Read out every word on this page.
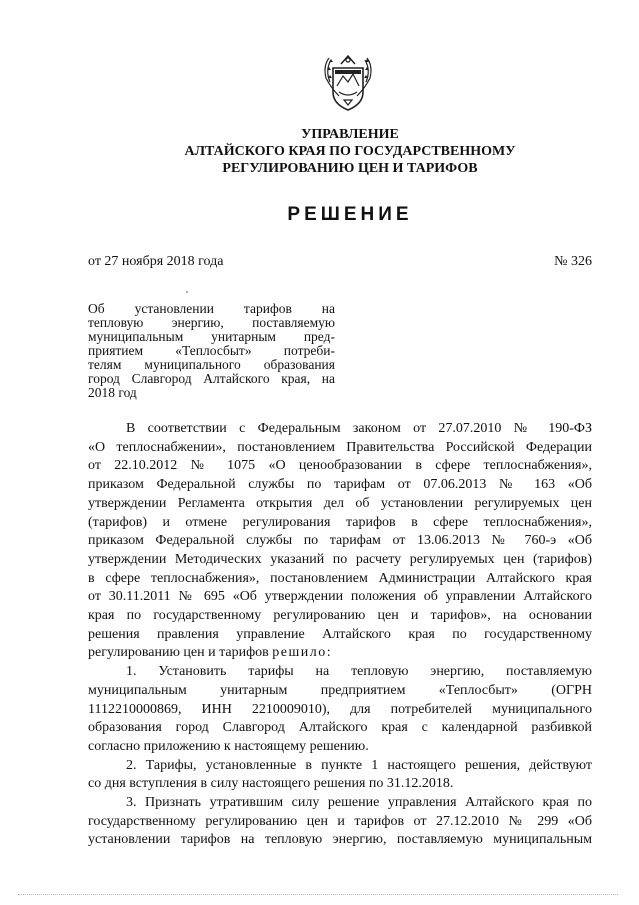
УПРАВЛЕНИЕ
АЛТАЙСКОГО КРАЯ ПО ГОСУДАРСТВЕННОМУ
РЕГУЛИРОВАНИЮ ЦЕН И ТАРИФОВ
РЕШЕНИЕ
от 27 ноября 2018 года	№ 326
Об установлении тарифов на
тепловую энергию, поставляемую
муниципальным унитарным пред-
приятием «Теплосбыт» потреби-
телям муниципального образования
город Славгород Алтайского края, на
2018 год
В соответствии с Федеральным законом от 27.07.2010 № 190-ФЗ
«О теплоснабжении», постановлением Правительства Российской Федерации
от 22.10.2012 № 1075 «О ценообразовании в сфере теплоснабжения»,
приказом Федеральной службы по тарифам от 07.06.2013 № 163 «Об
утверждении Регламента открытия дел об установлении регулируемых цен
(тарифов) и отмене регулирования тарифов в сфере теплоснабжения»,
приказом Федеральной службы по тарифам от 13.06.2013 № 760-э «Об
утверждении Методических указаний по расчету регулируемых цен (тарифов)
в сфере теплоснабжения», постановлением Администрации Алтайского края
от 30.11.2011 № 695 «Об утверждении положения об управлении Алтайского
края по государственному регулированию цен и тарифов», на основании
решения правления управление Алтайского края по государственному
регулированию цен и тарифов решило:
1. Установить тарифы на тепловую энергию, поставляемую
муниципальным унитарным предприятием «Теплосбыт» (ОГРН
1112210000869, ИНН 2210009010), для потребителей муниципального
образования город Славгород Алтайского края с календарной разбивкой
согласно приложению к настоящему решению.
2. Тарифы, установленные в пункте 1 настоящего решения, действуют
со дня вступления в силу настоящего решения по 31.12.2018.
3. Признать утратившим силу решение управления Алтайского края по
государственному регулированию цен и тарифов от 27.12.2010 № 299 «Об
установлении тарифов на тепловую энергию, поставляемую муниципальным
